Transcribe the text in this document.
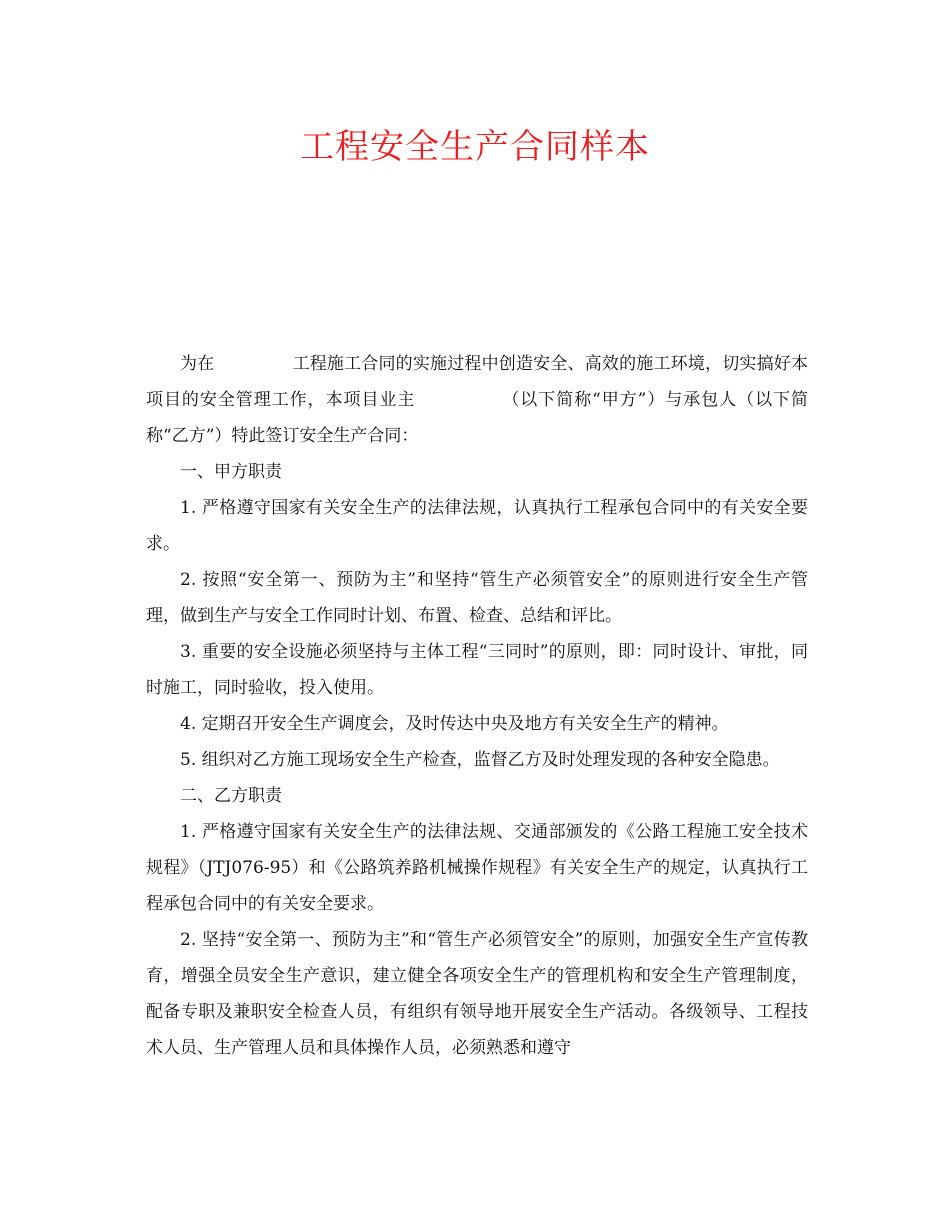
工程安全生产合同样本

为在	工程施工合同的实施过程中创造安全、高效的施工环境，切实搞好本项目的安全管理工作，本项目业主	（以下简称“甲方”）与承包人（以下简称“乙方”）特此签订安全生产合同：

一、甲方职责

1. 严格遵守国家有关安全生产的法律法规，认真执行工程承包合同中的有关安全要求。

2. 按照“安全第一、预防为主”和坚持“管生产必须管安全”的原则进行安全生产管理，做到生产与安全工作同时计划、布置、检查、总结和评比。

3. 重要的安全设施必须坚持与主体工程“三同时”的原则，即：同时设计、审批，同时施工，同时验收，投入使用。

4. 定期召开安全生产调度会，及时传达中央及地方有关安全生产的精神。

5. 组织对乙方施工现场安全生产检查，监督乙方及时处理发现的各种安全隐患。

二、乙方职责

1. 严格遵守国家有关安全生产的法律法规、交通部颁发的《公路工程施工安全技术规程》（JTJ076-95）和《公路筑养路机械操作规程》有关安全生产的规定，认真执行工程承包合同中的有关安全要求。

2. 坚持“安全第一、预防为主”和“管生产必须管安全”的原则，加强安全生产宣传教育，增强全员安全生产意识，建立健全各项安全生产的管理机构和安全生产管理制度，配备专职及兼职安全检查人员，有组织有领导地开展安全生产活动。各级领导、工程技术人员、生产管理人员和具体操作人员，必须熟悉和遵守
